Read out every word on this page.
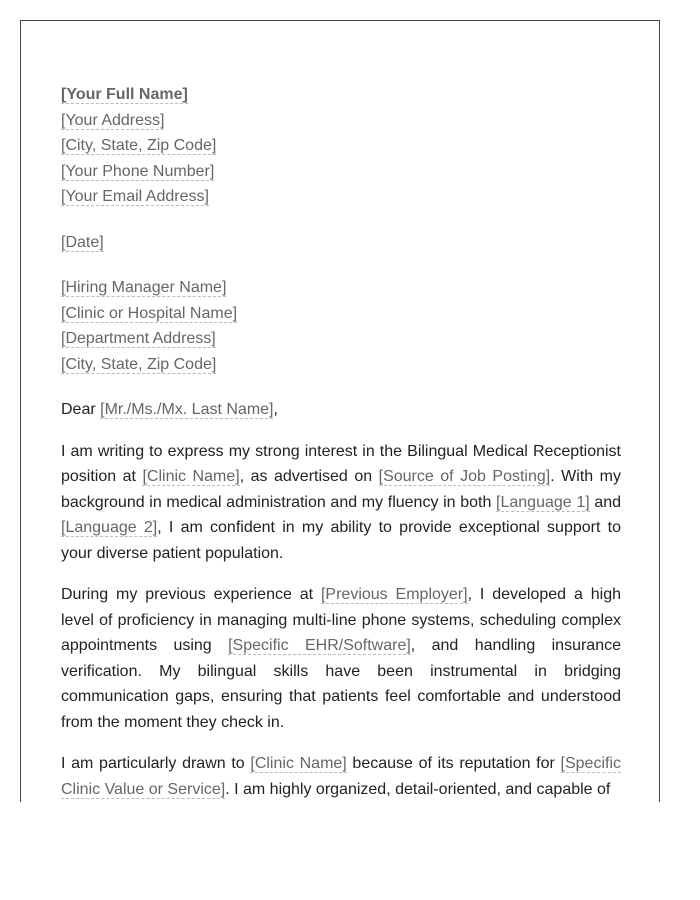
[Your Full Name]
[Your Address]
[City, State, Zip Code]
[Your Phone Number]
[Your Email Address]
[Date]
[Hiring Manager Name]
[Clinic or Hospital Name]
[Department Address]
[City, State, Zip Code]
Dear [Mr./Ms./Mx. Last Name],

I am writing to express my strong interest in the Bilingual Medical Receptionist position at [Clinic Name], as advertised on [Source of Job Posting]. With my background in medical administration and my fluency in both [Language 1] and [Language 2], I am confident in my ability to provide exceptional support to your diverse patient population.

During my previous experience at [Previous Employer], I developed a high level of proficiency in managing multi-line phone systems, scheduling complex appointments using [Specific EHR/Software], and handling insurance verification. My bilingual skills have been instrumental in bridging communication gaps, ensuring that patients feel comfortable and understood from the moment they check in.

I am particularly drawn to [Clinic Name] because of its reputation for [Specific Clinic Value or Service]. I am highly organized, detail-oriented, and capable of
